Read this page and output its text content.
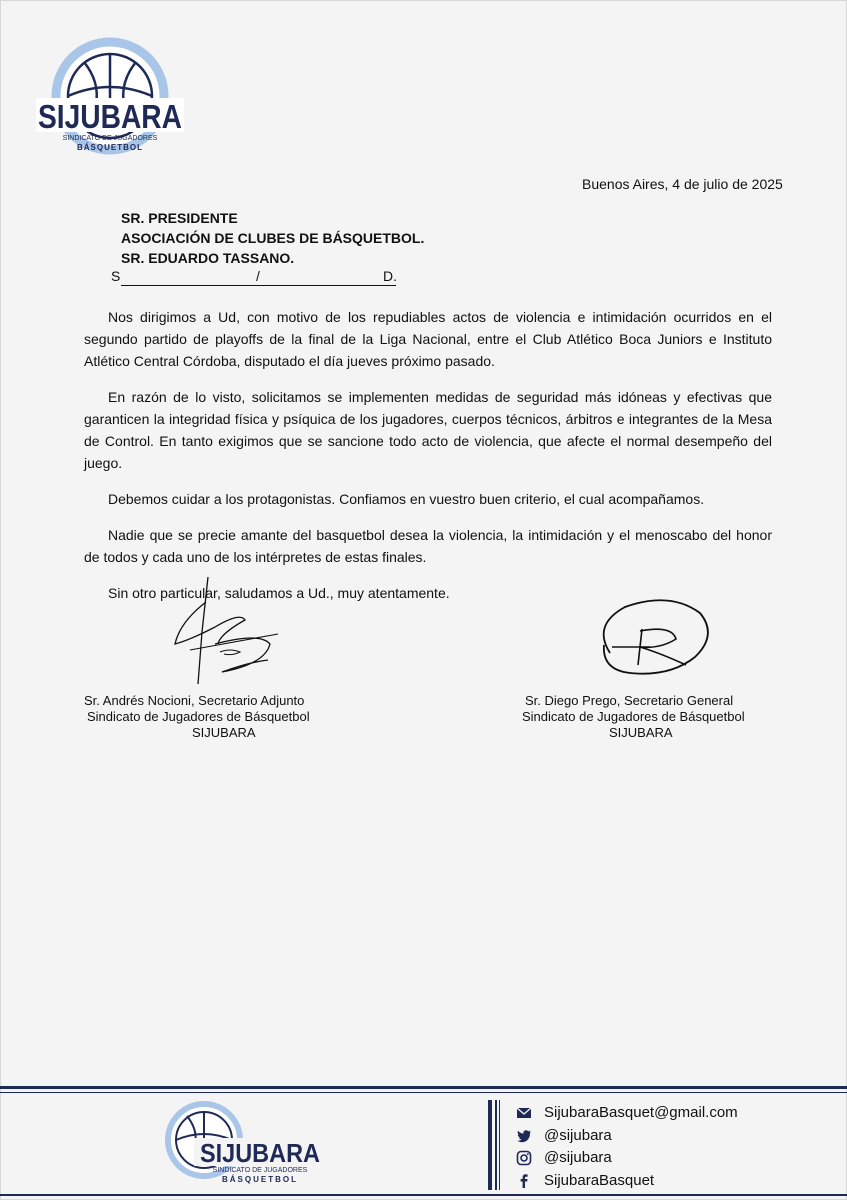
SIJUBARA
SINDICATO DE JUGADORES
BÁSQUETBOL
Buenos Aires, 4 de julio de 2025
SR. PRESIDENTE
ASOCIACIÓN DE CLUBES DE BÁSQUETBOL.
SR. EDUARDO TASSANO.
S	/	D.

Nos dirigimos a Ud, con motivo de los repudiables actos de violencia e intimidación ocurridos en el segundo partido de playoffs de la final de la Liga Nacional, entre el Club Atlético Boca Juniors e Instituto Atlético Central Córdoba, disputado el día jueves próximo pasado.

En razón de lo visto, solicitamos se implementen medidas de seguridad más idóneas y efectivas que garanticen la integridad física y psíquica de los jugadores, cuerpos técnicos, árbitros e integrantes de la Mesa de Control. En tanto exigimos que se sancione todo acto de violencia, que afecte el normal desempeño del juego.

Debemos cuidar a los protagonistas. Confiamos en vuestro buen criterio, el cual acompañamos.

Nadie que se precie amante del basquetbol desea la violencia, la intimidación y el menoscabo del honor de todos y cada uno de los intérpretes de estas finales.

Sin otro particular, saludamos a Ud., muy atentamente.

Sr. Andrés Nocioni, Secretario Adjunto
Sindicato de Jugadores de Básquetbol
SIJUBARA
Sr. Diego Prego, Secretario General
Sindicato de Jugadores de Básquetbol
SIJUBARA
SIJUBARA
SINDICATO DE JUGADORES
BÁSQUETBOL
SijubaraBasquet@gmail.com
@sijubara
@sijubara
SijubaraBasquet
